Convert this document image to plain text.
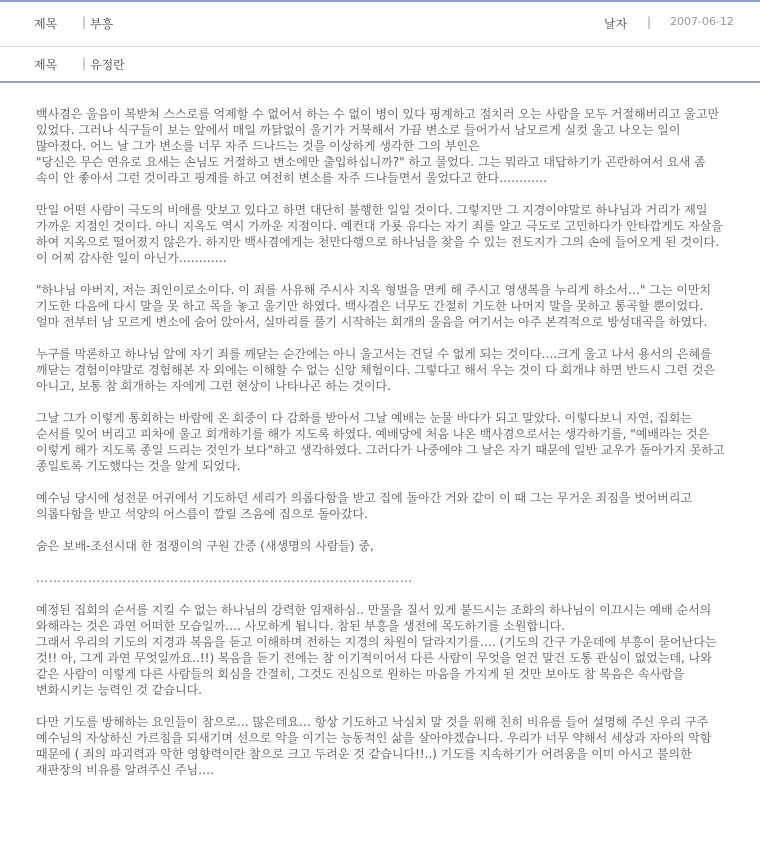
제목 | 부흥	날자 | 2007-06-12
제목 | 유정란

백사겸은 울음이 복받쳐 스스로를 억제할 수 없어서 하는 수 없이 병이 있다 핑계하고 점치러 오는 사람을 모두 거절해버리고 울고만 있었다. 그러나 식구들이 보는 앞에서 매일 까닭없이 울기가 거북해서 가끔 변소로 들어가서 남모르게 실컷 울고 나오는 일이 많아졌다. 어느 날 그가 변소를 너무 자주 드나드는 것을 이상하게 생각한 그의 부인은
"당신은 무슨 연유로 요새는 손님도 거절하고 변소에만 출입하십니까?" 하고 물었다. 그는 뭐라고 대답하기가 곤란하여서 요새 좀 속이 안 좋아서 그런 것이라고 핑계를 하고 여전히 변소를 자주 드나들면서 울었다고 한다…………

만일 어떤 사람이 극도의 비애를 맛보고 있다고 하면 대단히 불행한 일일 것이다. 그렇지만 그 지경이야말로 하나님과 거리가 제일 가까운 지점인 것이다. 아니 지옥도 역시 가까운 지점이다. 예컨대 가룟 유다는 자기 죄를 알고 극도로 고민하다가 안타깝게도 자살을 하여 지옥으로 떨어졌지 않은가. 하지만 백사겸에게는 천만다행으로 하나님을 찾을 수 있는 전도지가 그의 손에 들어오게 된 것이다. 이 어찌 감사한 일이 아닌가…………

"하나님 아버지, 저는 죄인이로소이다. 이 죄를 사유해 주시사 지옥 형벌을 면케 해 주시고 영생복을 누리게 하소서…" 그는 이만치 기도한 다음에 다시 말을 못 하고 목을 놓고 울기만 하였다. 백사겸은 너무도 간절히 기도한 나머지 말을 못하고 통곡할 뿐이었다. 얼마 전부터 남 모르게 변소에 숨어 앉아서, 실마리를 풀기 시작하는 회개의 울음을 여기서는 아주 본격적으로 방성대곡을 하였다.

누구를 막론하고 하나님 앞에 자기 죄를 깨닫는 순간에는 아니 울고서는 견딜 수 없게 되는 것이다….크게 울고 나서 용서의 은혜를 깨닫는 경험이야말로 경험해본 자 외에는 이해할 수 없는 신앙 체험이다. 그렇다고 해서 우는 것이 다 회개냐 하면 반드시 그런 것은 아니고, 보통 참 회개하는 자에게 그런 현상이 나타나곤 하는 것이다.

그날 그가 이렇게 통회하는 바람에 온 회중이 다 감화를 받아서 그날 예배는 눈물 바다가 되고 말았다. 이렇다보니 자연, 집회는 순서를 잊어 버리고 피차에 울고 회개하기를 해가 지도록 하였다. 예배당에 처음 나온 백사겸으로서는 생각하기를, "예배라는 것은 이렇게 해가 지도록 종일 드리는 것인가 보다"하고 생각하였다. 그러다가 나중에야 그 날은 자기 때문에 일반 교우가 돌아가지 못하고 종일토록 기도했다는 것을 알게 되었다.

예수님 당시에 성전문 어귀에서 기도하던 세리가 의롭다함을 받고 집에 돌아간 거와 같이 이 때 그는 무거운 죄짐을 벗어버리고 의롭다함을 받고 석양의 어스름이 깔릴 즈음에 집으로 돌아갔다.

숨은 보배-조선시대 한 점쟁이의 구원 간증 (새생명의 사람들) 중,

……………………………………………………………………………

예정된 집회의 순서를 지킬 수 없는 하나님의 강력한 임재하심.. 만물을 질서 있게 붙드시는 조화의 하나님이 이끄시는 예배 순서의 와해라는 것은 과연 어떠한 모습일까…. 사모하게 됩니다. 참된 부흥을 생전에 목도하기를 소원합니다.
그래서 우리의 기도의 지경과 복음을 듣고 이해하며 전하는 지경의 차원이 달라지기를…. (기도의 간구 가운데에 부흥이 묻어난다는 것!! 아, 그게 과연 무엇일까요..!!) 복음을 듣기 전에는 참 이기적이어서 다른 사람이 무엇을 얻건 말건 도통 관심이 없었는데, 나와 같은 사람이 이렇게 다른 사람들의 회심을 간절히, 그것도 진심으로 원하는 마음을 가지게 된 것만 보아도 참 복음은 속사람을 변화시키는 능력인 것 같습니다.

다만 기도를 방해하는 요인들이 참으로… 많은데요… 항상 기도하고 낙심치 말 것을 위해 친히 비유를 들어 설명해 주신 우리 구주 예수님의 자상하신 가르침을 되새기며 선으로 악을 이기는 능동적인 삶을 살아야겠습니다. 우리가 너무 약해서 세상과 자아의 악함 때문에 ( 죄의 파괴력과 악한 영향력이란 참으로 크고 두려운 것 같습니다!!..) 기도를 지속하기가 어려움을 이미 아시고 불의한 재판장의 비유를 알려주신 주님….
